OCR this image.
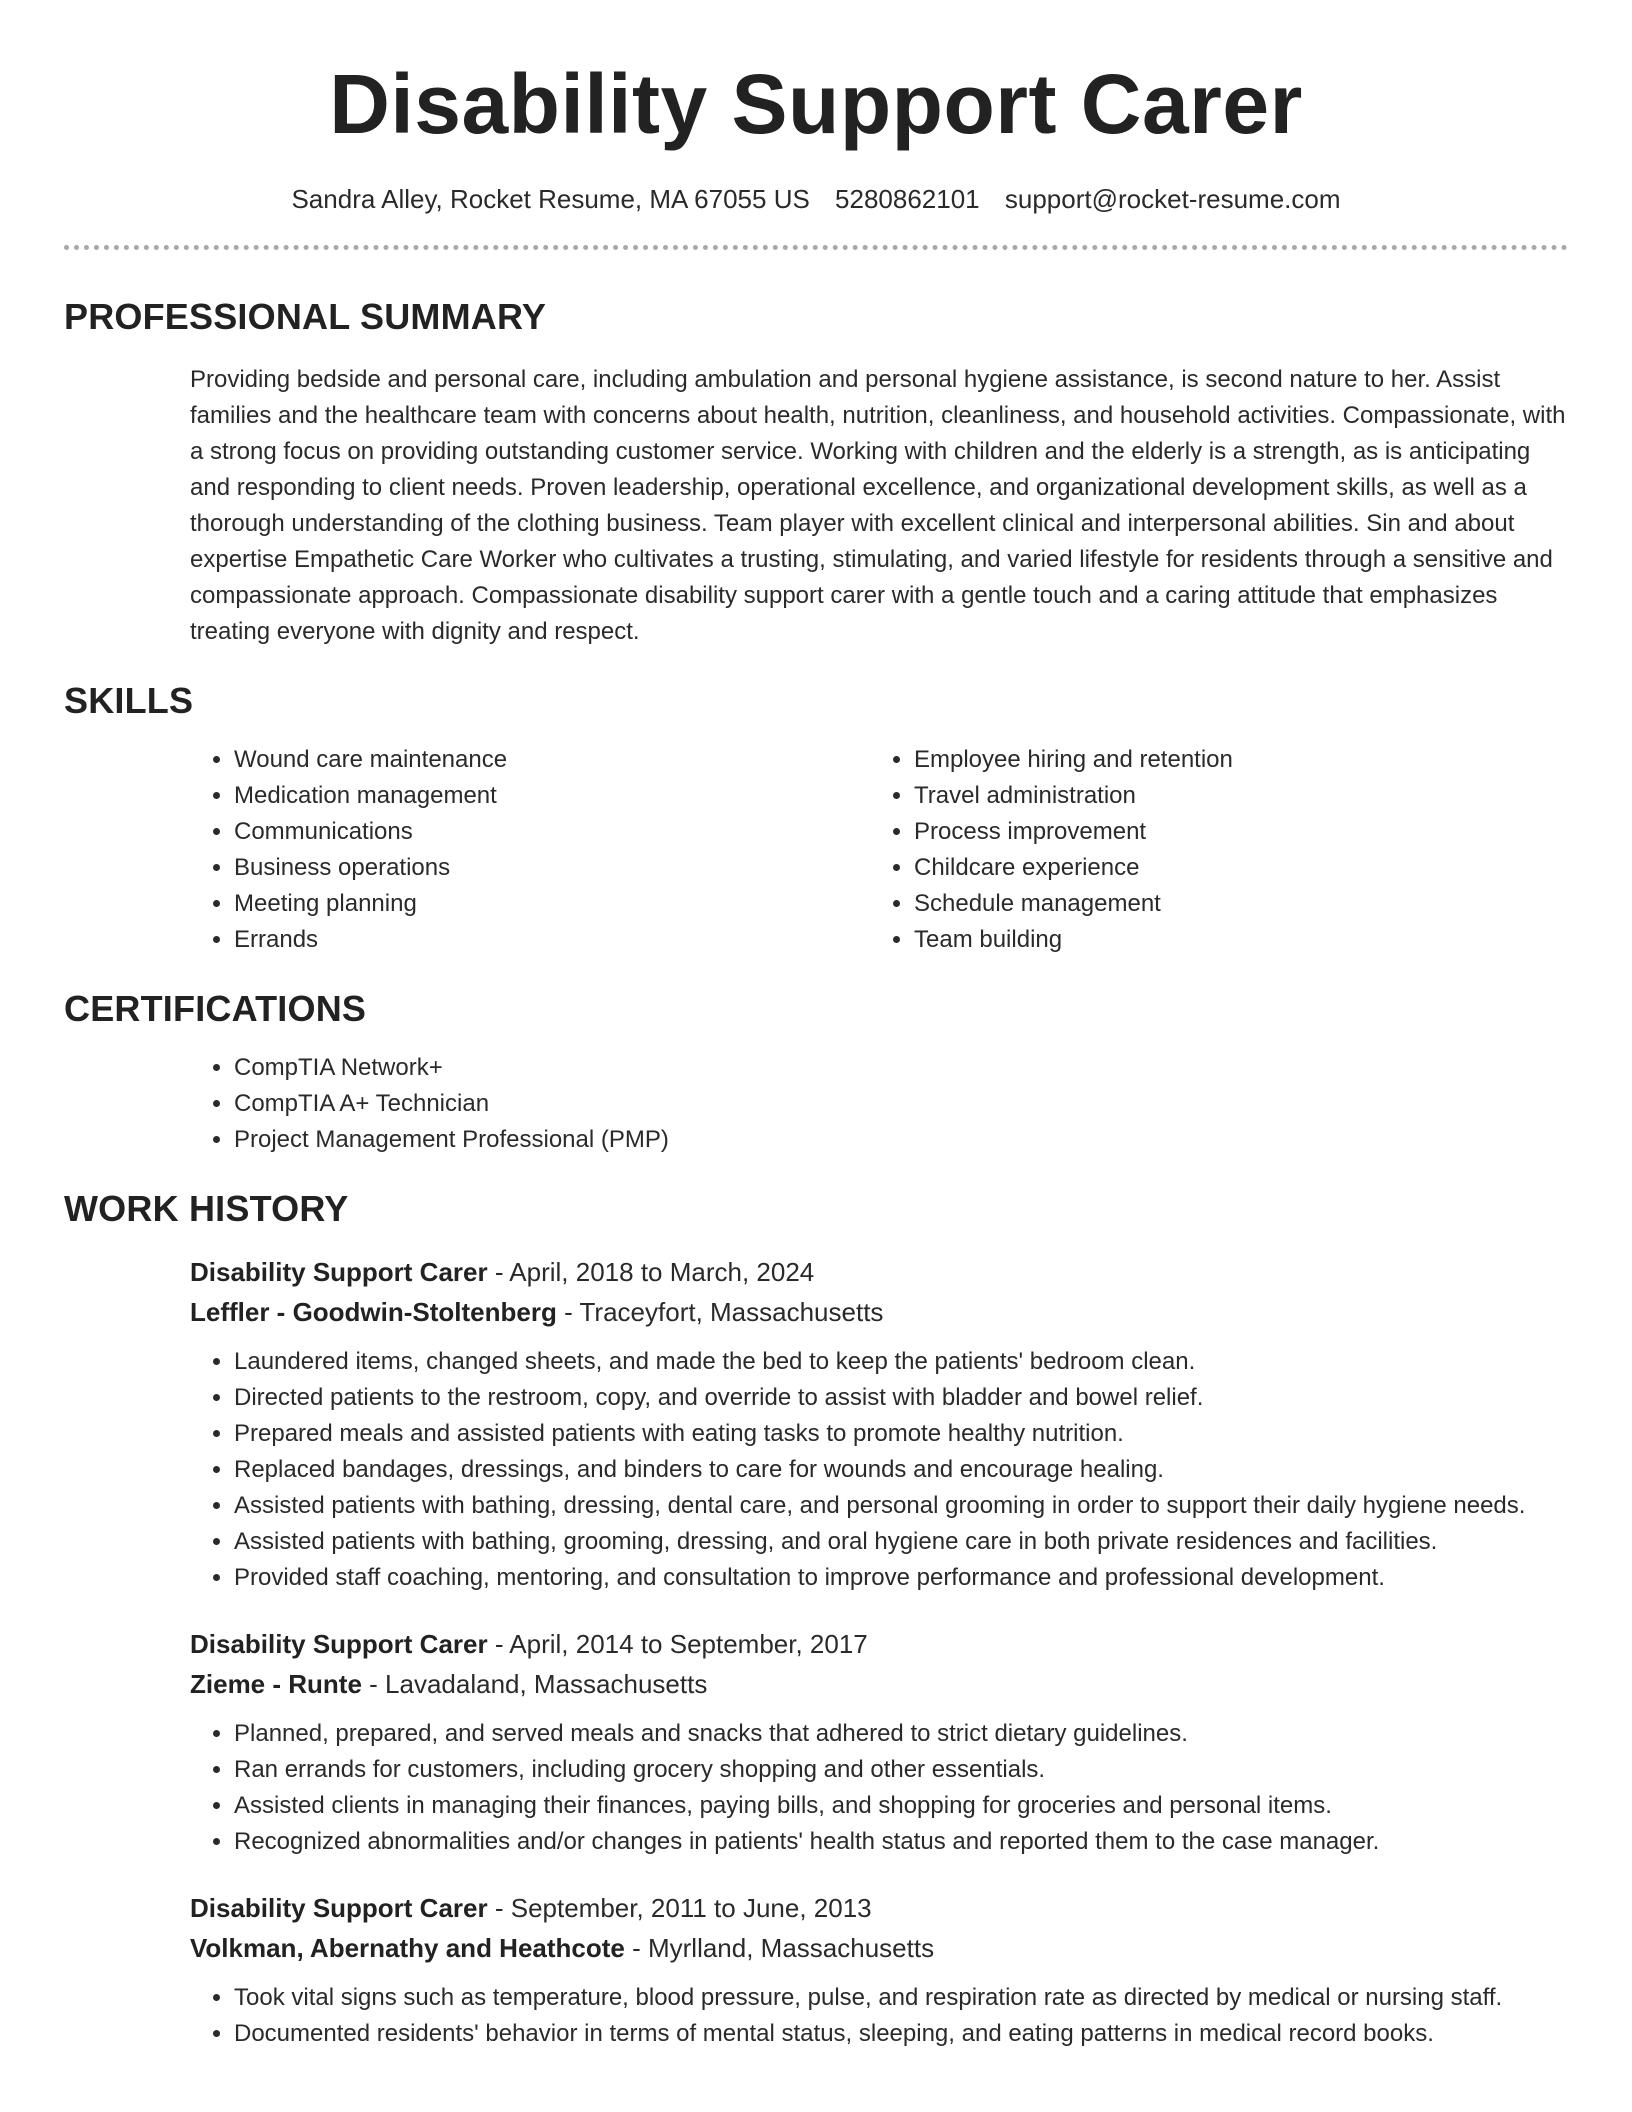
Disability Support Carer
Sandra Alley, Rocket Resume, MA 67055 US 5280862101 support@rocket-resume.com
PROFESSIONAL SUMMARY
Providing bedside and personal care, including ambulation and personal hygiene assistance, is second nature to her. Assist families and the healthcare team with concerns about health, nutrition, cleanliness, and household activities. Compassionate, with a strong focus on providing outstanding customer service. Working with children and the elderly is a strength, as is anticipating and responding to client needs. Proven leadership, operational excellence, and organizational development skills, as well as a thorough understanding of the clothing business. Team player with excellent clinical and interpersonal abilities. Sin and about expertise Empathetic Care Worker who cultivates a trusting, stimulating, and varied lifestyle for residents through a sensitive and compassionate approach. Compassionate disability support carer with a gentle touch and a caring attitude that emphasizes treating everyone with dignity and respect.
SKILLS
• Wound care maintenance
• Medication management
• Communications
• Business operations
• Meeting planning
• Errands
• Employee hiring and retention
• Travel administration
• Process improvement
• Childcare experience
• Schedule management
• Team building
CERTIFICATIONS
• CompTIA Network+
• CompTIA A+ Technician
• Project Management Professional (PMP)
WORK HISTORY
Disability Support Carer - April, 2018 to March, 2024
Leffler - Goodwin-Stoltenberg - Traceyfort, Massachusetts
• Laundered items, changed sheets, and made the bed to keep the patients' bedroom clean.
• Directed patients to the restroom, copy, and override to assist with bladder and bowel relief.
• Prepared meals and assisted patients with eating tasks to promote healthy nutrition.
• Replaced bandages, dressings, and binders to care for wounds and encourage healing.
• Assisted patients with bathing, dressing, dental care, and personal grooming in order to support their daily hygiene needs.
• Assisted patients with bathing, grooming, dressing, and oral hygiene care in both private residences and facilities.
• Provided staff coaching, mentoring, and consultation to improve performance and professional development.
Disability Support Carer - April, 2014 to September, 2017
Zieme - Runte - Lavadaland, Massachusetts
• Planned, prepared, and served meals and snacks that adhered to strict dietary guidelines.
• Ran errands for customers, including grocery shopping and other essentials.
• Assisted clients in managing their finances, paying bills, and shopping for groceries and personal items.
• Recognized abnormalities and/or changes in patients' health status and reported them to the case manager.
Disability Support Carer - September, 2011 to June, 2013
Volkman, Abernathy and Heathcote - Myrlland, Massachusetts
• Took vital signs such as temperature, blood pressure, pulse, and respiration rate as directed by medical or nursing staff.
• Documented residents' behavior in terms of mental status, sleeping, and eating patterns in medical record books.
